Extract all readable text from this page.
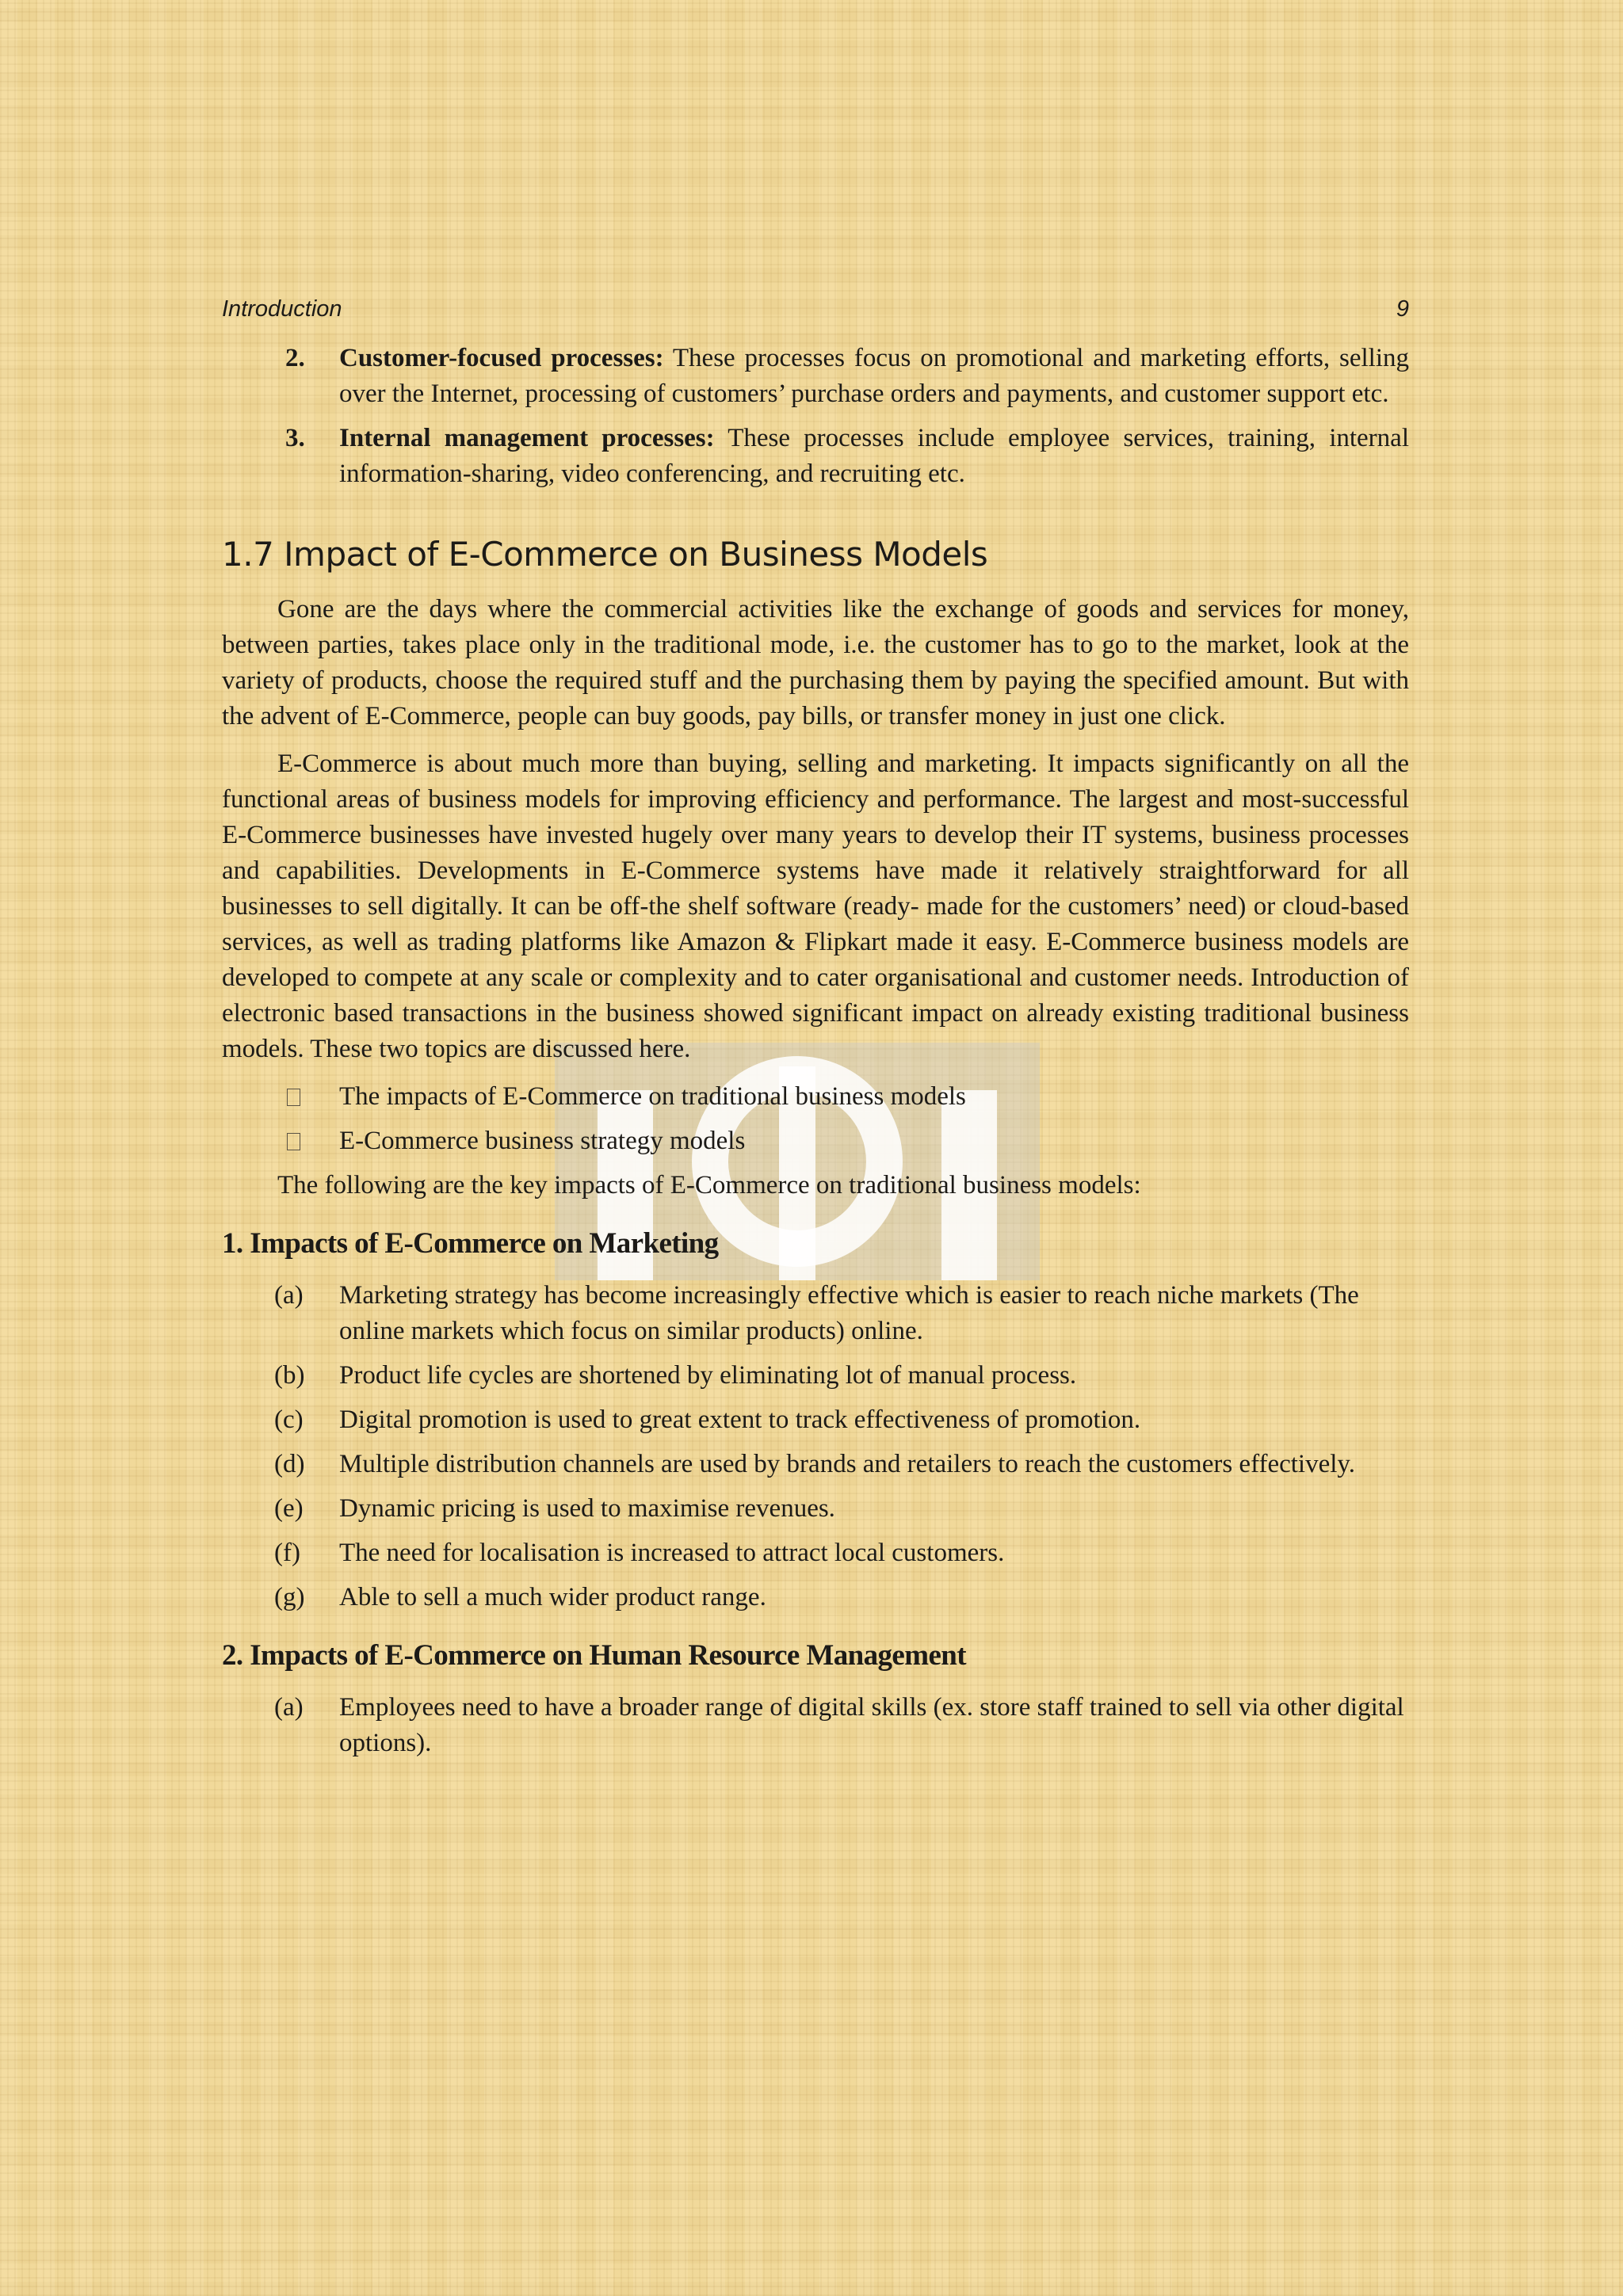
Introduction	9
2. Customer-focused processes: These processes focus on promotional and marketing efforts, selling over the Internet, processing of customers’ purchase orders and payments, and customer support etc.
3. Internal management processes: These processes include employee services, training, internal information-sharing, video conferencing, and recruiting etc.
1.7 Impact of E-Commerce on Business Models

Gone are the days where the commercial activities like the exchange of goods and services for money, between parties, takes place only in the traditional mode, i.e. the customer has to go to the market, look at the variety of products, choose the required stuff and the purchasing them by paying the specified amount. But with the advent of E-Commerce, people can buy goods, pay bills, or transfer money in just one click.

E-Commerce is about much more than buying, selling and marketing. It impacts significantly on all the functional areas of business models for improving efficiency and performance. The largest and most-successful E-Commerce businesses have invested hugely over many years to develop their IT systems, business processes and capabilities. Developments in E-Commerce systems have made it relatively straightforward for all businesses to sell digitally. It can be off-the shelf software (ready- made for the customers’ need) or cloud-based services, as well as trading platforms like Amazon & Flipkart made it easy. E-Commerce business models are developed to compete at any scale or complexity and to cater organisational and customer needs. Introduction of electronic based transactions in the business showed significant impact on already existing traditional business models. These two topics are discussed here.

The impacts of E-Commerce on traditional business models
E-Commerce business strategy models

The following are the key impacts of E-Commerce on traditional business models:

1. Impacts of E-Commerce on Marketing
(a) Marketing strategy has become increasingly effective which is easier to reach niche markets (The online markets which focus on similar products) online.
(b) Product life cycles are shortened by eliminating lot of manual process.
(c) Digital promotion is used to great extent to track effectiveness of promotion.
(d) Multiple distribution channels are used by brands and retailers to reach the customers effectively.
(e) Dynamic pricing is used to maximise revenues.
(f) The need for localisation is increased to attract local customers.
(g) Able to sell a much wider product range.
2. Impacts of E-Commerce on Human Resource Management
(a) Employees need to have a broader range of digital skills (ex. store staff trained to sell via other digital options).
